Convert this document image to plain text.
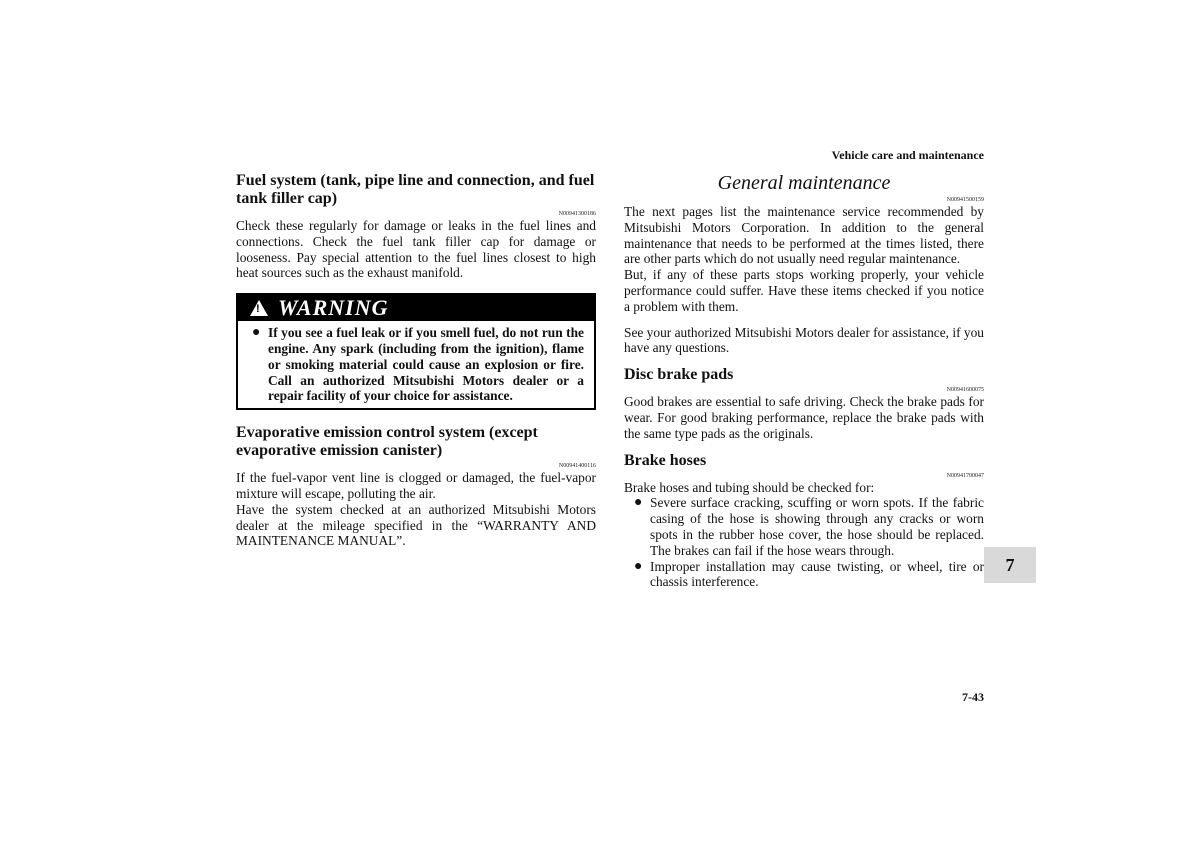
Vehicle care and maintenance
Fuel system (tank, pipe line and connection, and fuel tank filler cap)
N00941300186

Check these regularly for damage or leaks in the fuel lines and connections. Check the fuel tank filler cap for damage or looseness. Pay special attention to the fuel lines closest to high heat sources such as the exhaust manifold.

! WARNING
● If you see a fuel leak or if you smell fuel, do not run the engine. Any spark (including from the ignition), flame or smoking material could cause an explosion or fire. Call an authorized Mitsubishi Motors dealer or a repair facility of your choice for assistance.
Evaporative emission control system (except evaporative emission canister)
N00941400116

If the fuel-vapor vent line is clogged or damaged, the fuel-vapor mixture will escape, polluting the air.

Have the system checked at an authorized Mitsubishi Motors dealer at the mileage specified in the “WARRANTY AND MAINTENANCE MANUAL”.

General maintenance
N00941500159

The next pages list the maintenance service recommended by Mitsubishi Motors Corporation. In addition to the general maintenance that needs to be performed at the times listed, there are other parts which do not usually need regular maintenance.

But, if any of these parts stops working properly, your vehicle performance could suffer. Have these items checked if you notice a problem with them.

See your authorized Mitsubishi Motors dealer for assistance, if you have any questions.

Disc brake pads
N00941600075

Good brakes are essential to safe driving. Check the brake pads for wear. For good braking performance, replace the brake pads with the same type pads as the originals.

Brake hoses
N00941700047

Brake hoses and tubing should be checked for:

● Severe surface cracking, scuffing or worn spots. If the fabric casing of the hose is showing through any cracks or worn spots in the rubber hose cover, the hose should be replaced. The brakes can fail if the hose wears through.
● Improper installation may cause twisting, or wheel, tire or chassis interference.
7
7-43
